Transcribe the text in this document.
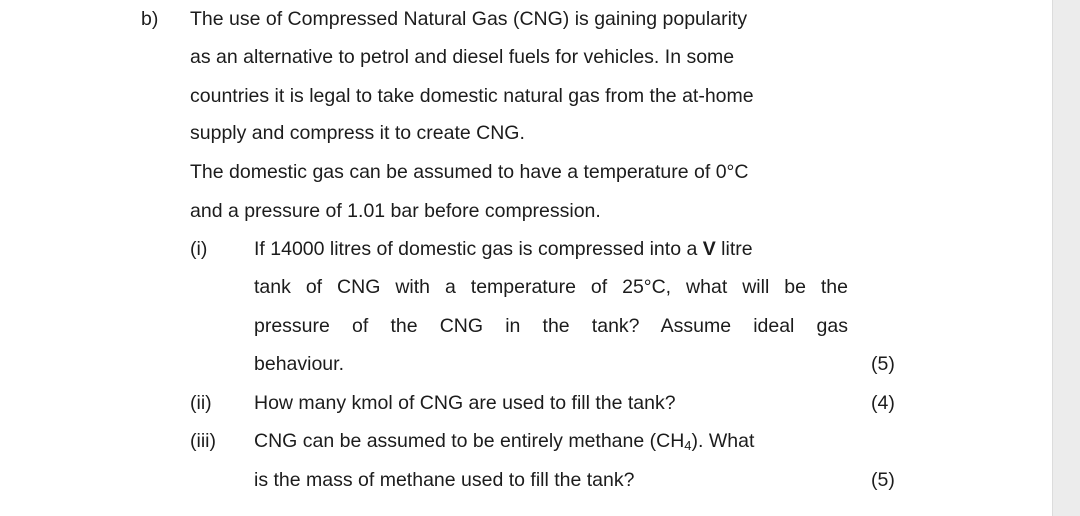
b) The use of Compressed Natural Gas (CNG) is gaining popularity
as an alternative to petrol and diesel fuels for vehicles. In some
countries it is legal to take domestic natural gas from the at-home
supply and compress it to create CNG.
The domestic gas can be assumed to have a temperature of 0°C
and a pressure of 1.01 bar before compression.
(i) If 14000 litres of domestic gas is compressed into a V litre
tank of CNG with a temperature of 25°C, what will be the
pressure of the CNG in the tank? Assume ideal gas
behaviour.	(5)
(ii) How many kmol of CNG are used to fill the tank?	(4)
(iii) CNG can be assumed to be entirely methane $(CH_4)$. What
is the mass of methane used to fill the tank?	(5)
